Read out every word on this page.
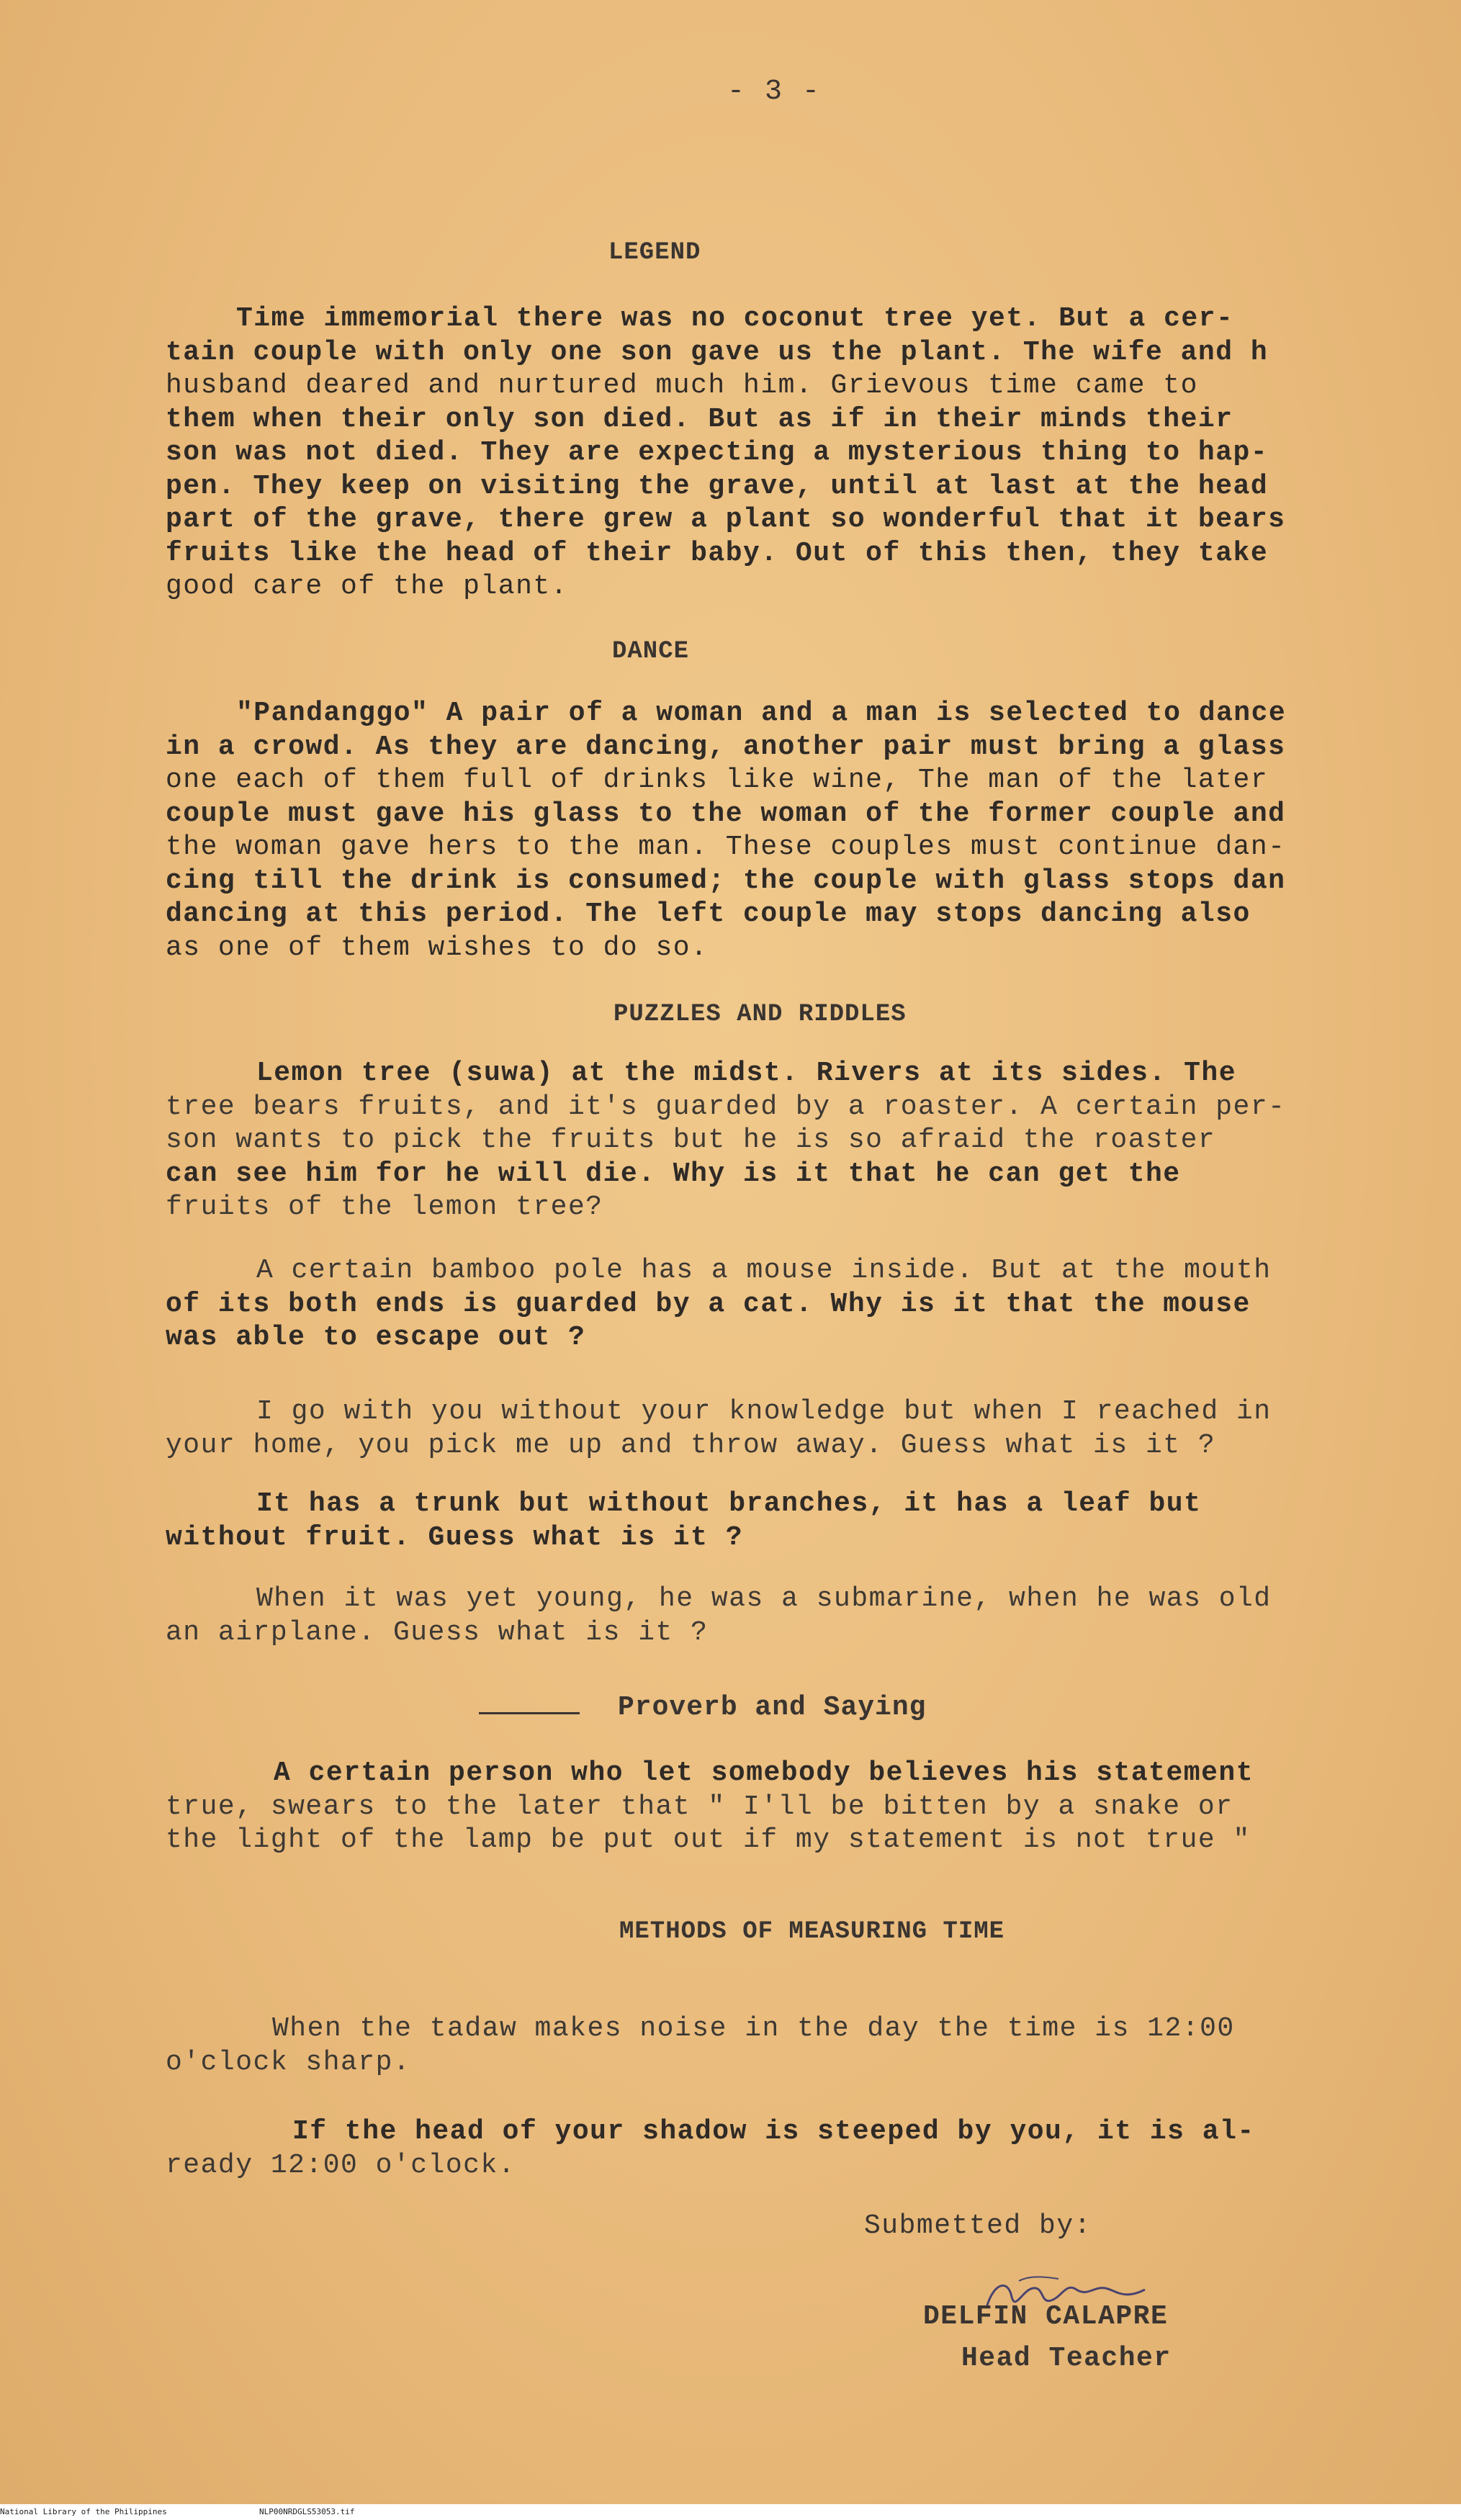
- 3 -
LEGEND
Time immemorial there was no coconut tree yet. But a cer-
tain couple with only one son gave us the plant. The wife and h
husband deared and nurtured much him. Grievous time came to
them when their only son died. But as if in their minds their
son was not died. They are expecting a mysterious thing to hap-
pen. They keep on visiting the grave, until at last at the head
part of the grave, there grew a plant so wonderful that it bears
fruits like the head of their baby. Out of this then, they take
good care of the plant.
DANCE
"Pandanggo" A pair of a woman and a man is selected to dance
in a crowd. As they are dancing, another pair must bring a glass
one each of them full of drinks like wine, The man of the later
couple must gave his glass to the woman of the former couple and
the woman gave hers to the man. These couples must continue dan-
cing till the drink is consumed; the couple with glass stops dan
dancing at this period. The left couple may stops dancing also
as one of them wishes to do so.
PUZZLES AND RIDDLES
Lemon tree (suwa) at the midst. Rivers at its sides. The
tree bears fruits, and it's guarded by a roaster. A certain per-
son wants to pick the fruits but he is so afraid the roaster
can see him for he will die. Why is it that he can get the
fruits of the lemon tree?
A certain bamboo pole has a mouse inside. But at the mouth
of its both ends is guarded by a cat. Why is it that the mouse
was able to escape out ?
I go with you without your knowledge but when I reached in
your home, you pick me up and throw away. Guess what is it ?
It has a trunk but without branches, it has a leaf but
without fruit. Guess what is it ?
When it was yet young, he was a submarine, when he was old
an airplane. Guess what is it ?
Proverb and Saying
A certain person who let somebody believes his statement
true, swears to the later that " I'll be bitten by a snake or
the light of the lamp be put out if my statement is not true "
METHODS OF MEASURING TIME
When the tadaw makes noise in the day the time is 12:00
o'clock sharp.
If the head of your shadow is steeped by you, it is al-
ready 12:00 o'clock.
Submetted by:
DELFIN CALAPRE
Head Teacher
National Library of the Philippines	NLP00NRDGLS53053.tif
